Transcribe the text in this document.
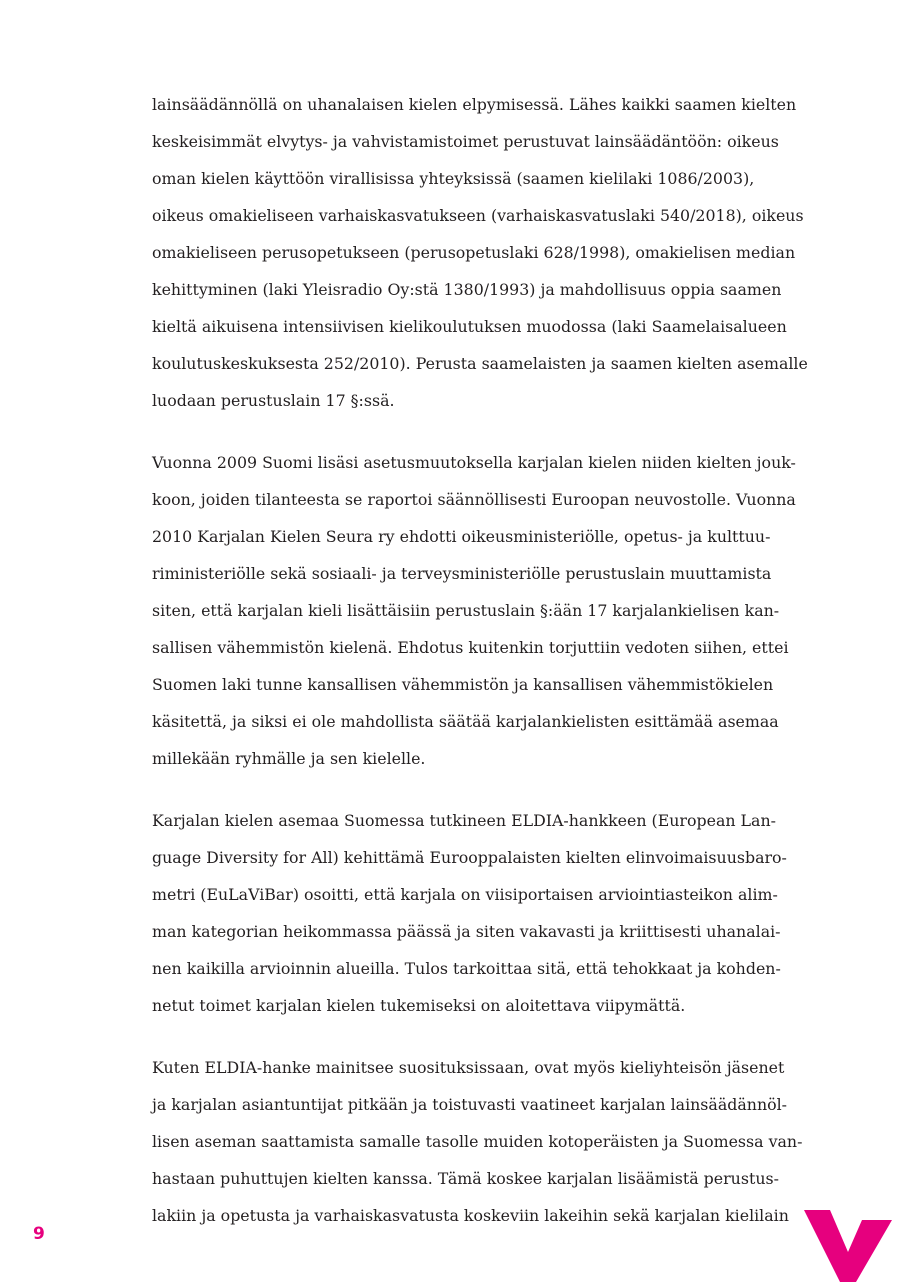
lainsäädännöllä on uhanalaisen kielen elpymisessä. Lähes kaikki saamen kielten
keskeisimmät elvytys- ja vahvistamistoimet perustuvat lainsäädäntöön: oikeus
oman kielen käyttöön virallisissa yhteyksissä (saamen kielilaki 1086/2003),
oikeus omakieliseen varhaiskasvatukseen (varhaiskasvatuslaki 540/2018), oikeus
omakieliseen perusopetukseen (perusopetuslaki 628/1998), omakielisen median
kehittyminen (laki Yleisradio Oy:stä 1380/1993) ja mahdollisuus oppia saamen
kieltä aikuisena intensiivisen kielikoulutuksen muodossa (laki Saamelaisalueen
koulutuskeskuksesta 252/2010). Perusta saamelaisten ja saamen kielten asemalle
luodaan perustuslain 17 §:ssä.

Vuonna 2009 Suomi lisäsi asetusmuutoksella karjalan kielen niiden kielten jouk-
koon, joiden tilanteesta se raportoi säännöllisesti Euroopan neuvostolle. Vuonna
2010 Karjalan Kielen Seura ry ehdotti oikeusministeriölle, opetus- ja kulttuu-
riministeriölle sekä sosiaali- ja terveysministeriölle perustuslain muuttamista
siten, että karjalan kieli lisättäisiin perustuslain §:ään 17 karjalankielisen kan-
sallisen vähemmistön kielenä. Ehdotus kuitenkin torjuttiin vedoten siihen, ettei
Suomen laki tunne kansallisen vähemmistön ja kansallisen vähemmistökielen
käsitettä, ja siksi ei ole mahdollista säätää karjalankielisten esittämää asemaa
millekään ryhmälle ja sen kielelle.

Karjalan kielen asemaa Suomessa tutkineen ELDIA-hankkeen (European Lan-
guage Diversity for All) kehittämä Eurooppalaisten kielten elinvoimaisuusbaro-
metri (EuLaViBar) osoitti, että karjala on viisiportaisen arviointiasteikon alim-
man kategorian heikommassa päässä ja siten vakavasti ja kriittisesti uhanalai-
nen kaikilla arvioinnin alueilla. Tulos tarkoittaa sitä, että tehokkaat ja kohden-
netut toimet karjalan kielen tukemiseksi on aloitettava viipymättä.

Kuten ELDIA-hanke mainitsee suosituksissaan, ovat myös kieliyhteisön jäsenet
ja karjalan asiantuntijat pitkään ja toistuvasti vaatineet karjalan lainsäädännöl-
lisen aseman saattamista samalle tasolle muiden kotoperäisten ja Suomessa van-
hastaan puhuttujen kielten kanssa. Tämä koskee karjalan lisäämistä perustus-
lakiin ja opetusta ja varhaiskasvatusta koskeviin lakeihin sekä karjalan kielilain

9
